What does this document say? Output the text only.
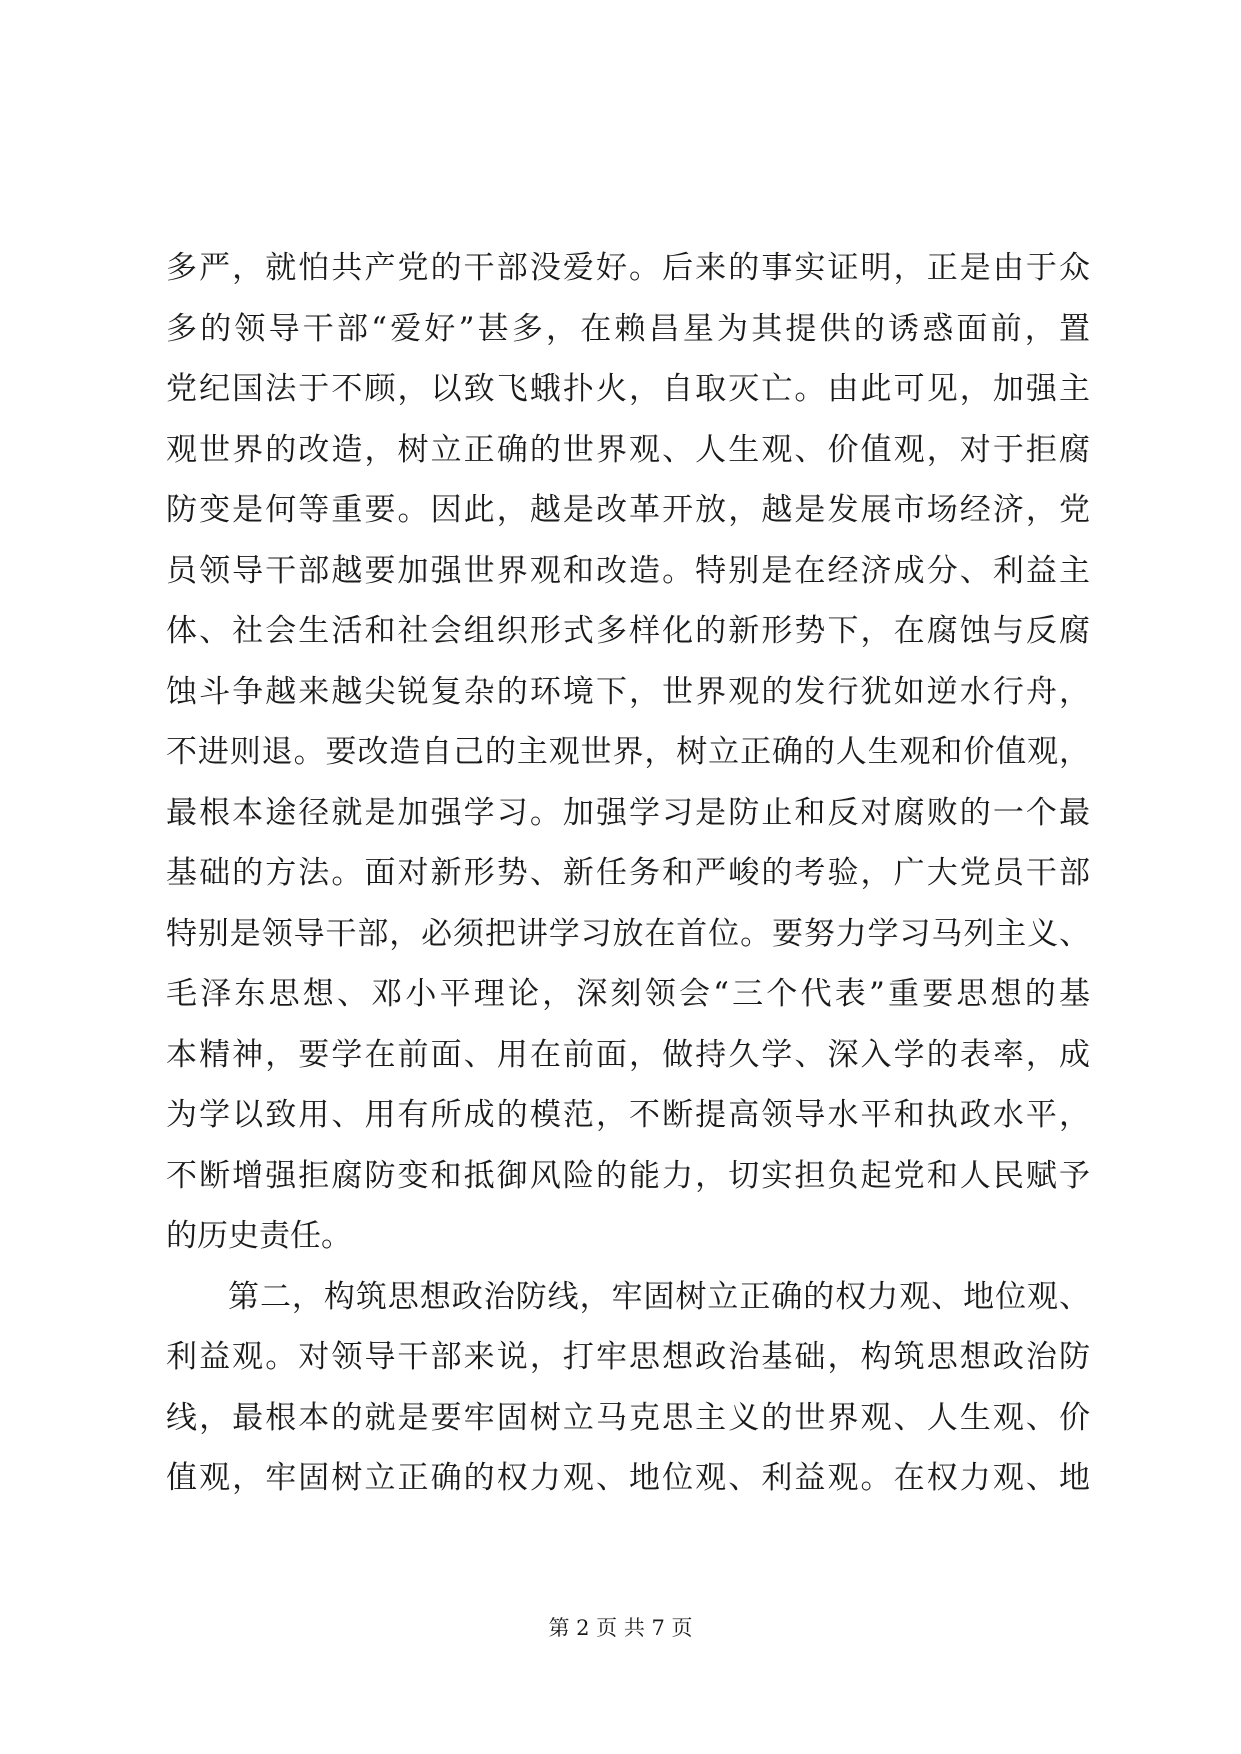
多严，就怕共产党的干部没爱好。后来的事实证明，正是由于众
多的领导干部“爱好”甚多，在赖昌星为其提供的诱惑面前，置
党纪国法于不顾，以致飞蛾扑火，自取灭亡。由此可见，加强主
观世界的改造，树立正确的世界观、人生观、价值观，对于拒腐
防变是何等重要。因此，越是改革开放，越是发展市场经济，党
员领导干部越要加强世界观和改造。特别是在经济成分、利益主
体、社会生活和社会组织形式多样化的新形势下，在腐蚀与反腐
蚀斗争越来越尖锐复杂的环境下，世界观的发行犹如逆水行舟，
不进则退。要改造自己的主观世界，树立正确的人生观和价值观，
最根本途径就是加强学习。加强学习是防止和反对腐败的一个最
基础的方法。面对新形势、新任务和严峻的考验，广大党员干部
特别是领导干部，必须把讲学习放在首位。要努力学习马列主义、
毛泽东思想、邓小平理论，深刻领会“三个代表”重要思想的基
本精神，要学在前面、用在前面，做持久学、深入学的表率，成
为学以致用、用有所成的模范，不断提高领导水平和执政水平，
不断增强拒腐防变和抵御风险的能力，切实担负起党和人民赋予
的历史责任。
第二，构筑思想政治防线，牢固树立正确的权力观、地位观、
利益观。对领导干部来说，打牢思想政治基础，构筑思想政治防
线，最根本的就是要牢固树立马克思主义的世界观、人生观、价
值观，牢固树立正确的权力观、地位观、利益观。在权力观、地
第 2 页 共 7 页
